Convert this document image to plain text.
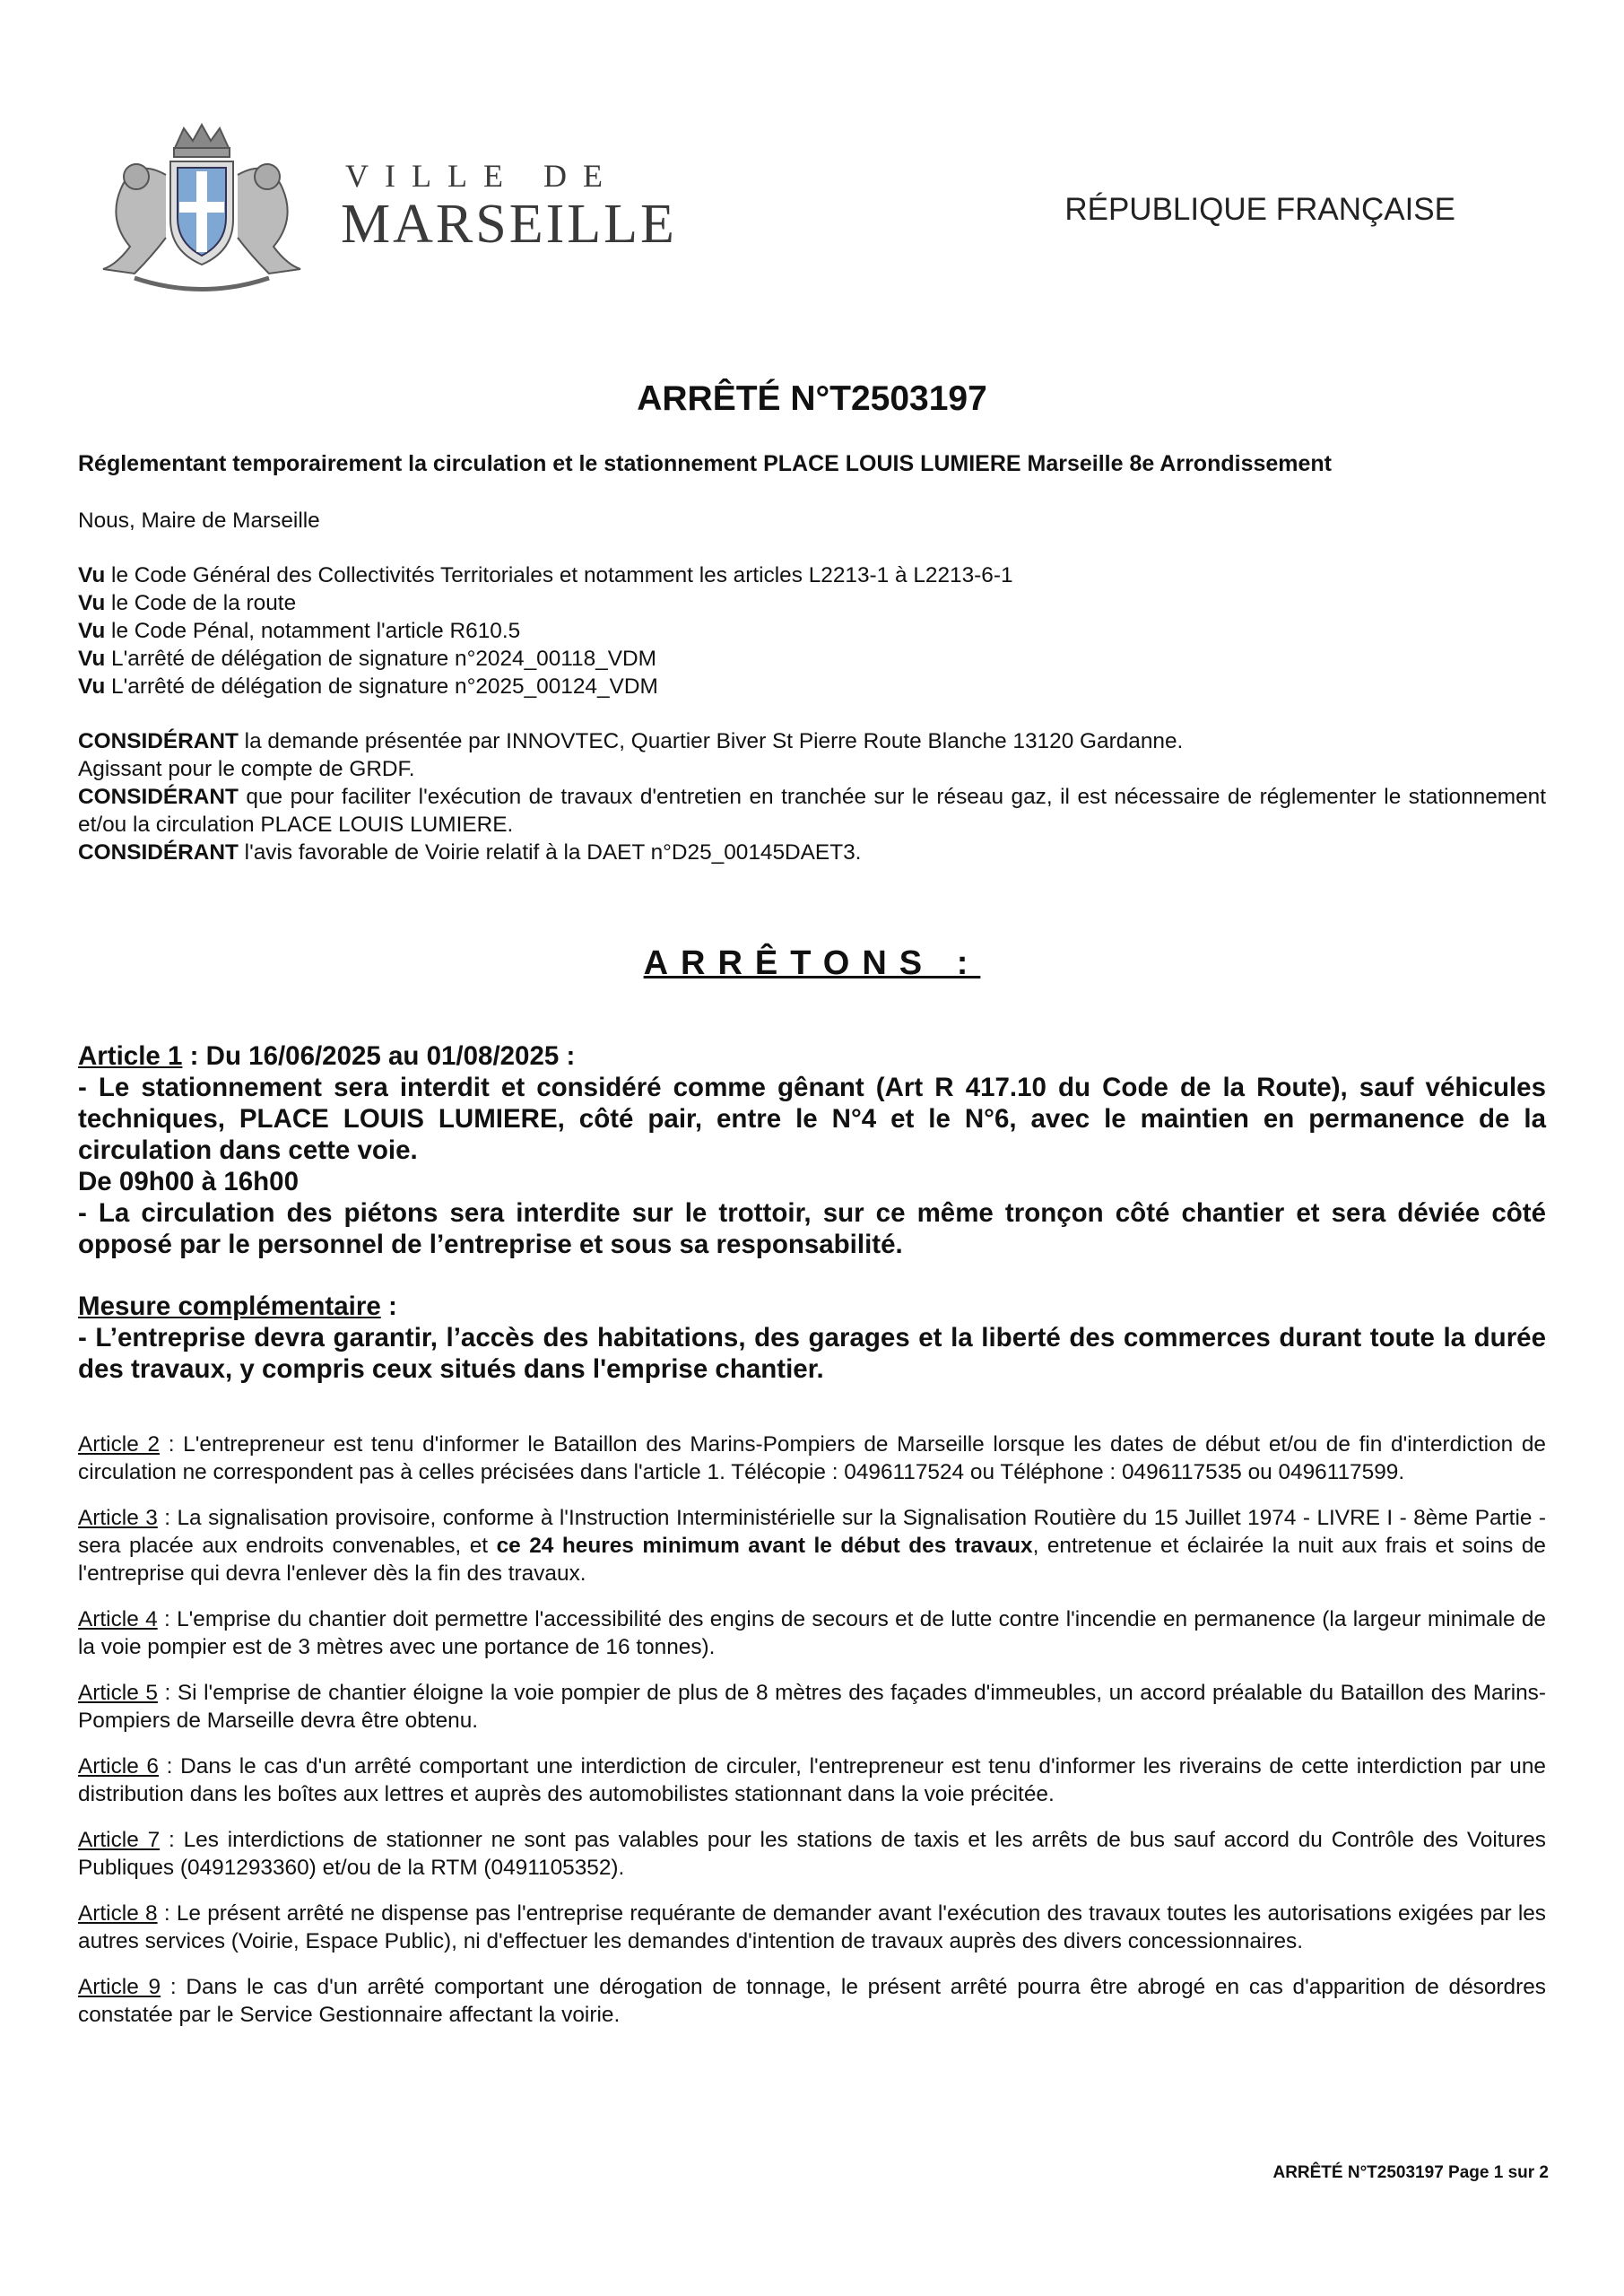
VILLE DE
MARSEILLE	RÉPUBLIQUE FRANÇAISE
ARRÊTÉ N°T2503197

Réglementant temporairement la circulation et le stationnement PLACE LOUIS LUMIERE Marseille 8e Arrondissement

Nous, Maire de Marseille

Vu le Code Général des Collectivités Territoriales et notamment les articles L2213-1 à L2213-6-1
Vu le Code de la route
Vu le Code Pénal, notamment l'article R610.5
Vu L'arrêté de délégation de signature n°2024_00118_VDM
Vu L'arrêté de délégation de signature n°2025_00124_VDM
CONSIDÉRANT la demande présentée par INNOVTEC, Quartier Biver St Pierre Route Blanche 13120 Gardanne.
Agissant pour le compte de GRDF.
CONSIDÉRANT que pour faciliter l'exécution de travaux d'entretien en tranchée sur le réseau gaz, il est nécessaire de réglementer le stationnement et/ou la circulation PLACE LOUIS LUMIERE.
CONSIDÉRANT l'avis favorable de Voirie relatif à la DAET n°D25_00145DAET3.
ARRÊTONS :
Article 1 : Du 16/06/2025 au 01/08/2025 :
- Le stationnement sera interdit et considéré comme gênant (Art R 417.10 du Code de la Route), sauf véhicules techniques, PLACE LOUIS LUMIERE, côté pair, entre le N°4 et le N°6, avec le maintien en permanence de la circulation dans cette voie.
De 09h00 à 16h00
- La circulation des piétons sera interdite sur le trottoir, sur ce même tronçon côté chantier et sera déviée côté opposé par le personnel de l’entreprise et sous sa responsabilité.
Mesure complémentaire :
- L’entreprise devra garantir, l’accès des habitations, des garages et la liberté des commerces durant toute la durée des travaux, y compris ceux situés dans l'emprise chantier.

Article 2 : L'entrepreneur est tenu d'informer le Bataillon des Marins-Pompiers de Marseille lorsque les dates de début et/ou de fin d'interdiction de circulation ne correspondent pas à celles précisées dans l'article 1. Télécopie : 0496117524 ou Téléphone : 0496117535 ou 0496117599.

Article 3 : La signalisation provisoire, conforme à l'Instruction Interministérielle sur la Signalisation Routière du 15 Juillet 1974 - LIVRE I - 8ème Partie - sera placée aux endroits convenables, et ce 24 heures minimum avant le début des travaux, entretenue et éclairée la nuit aux frais et soins de l'entreprise qui devra l'enlever dès la fin des travaux.

Article 4 : L'emprise du chantier doit permettre l'accessibilité des engins de secours et de lutte contre l'incendie en permanence (la largeur minimale de la voie pompier est de 3 mètres avec une portance de 16 tonnes).

Article 5 : Si l'emprise de chantier éloigne la voie pompier de plus de 8 mètres des façades d'immeubles, un accord préalable du Bataillon des Marins-Pompiers de Marseille devra être obtenu.

Article 6 : Dans le cas d'un arrêté comportant une interdiction de circuler, l'entrepreneur est tenu d'informer les riverains de cette interdiction par une distribution dans les boîtes aux lettres et auprès des automobilistes stationnant dans la voie précitée.

Article 7 : Les interdictions de stationner ne sont pas valables pour les stations de taxis et les arrêts de bus sauf accord du Contrôle des Voitures Publiques (0491293360) et/ou de la RTM (0491105352).

Article 8 : Le présent arrêté ne dispense pas l'entreprise requérante de demander avant l'exécution des travaux toutes les autorisations exigées par les autres services (Voirie, Espace Public), ni d'effectuer les demandes d'intention de travaux auprès des divers concessionnaires.

Article 9 : Dans le cas d'un arrêté comportant une dérogation de tonnage, le présent arrêté pourra être abrogé en cas d'apparition de désordres constatée par le Service Gestionnaire affectant la voirie.

ARRÊTÉ N°T2503197 Page 1 sur 2
